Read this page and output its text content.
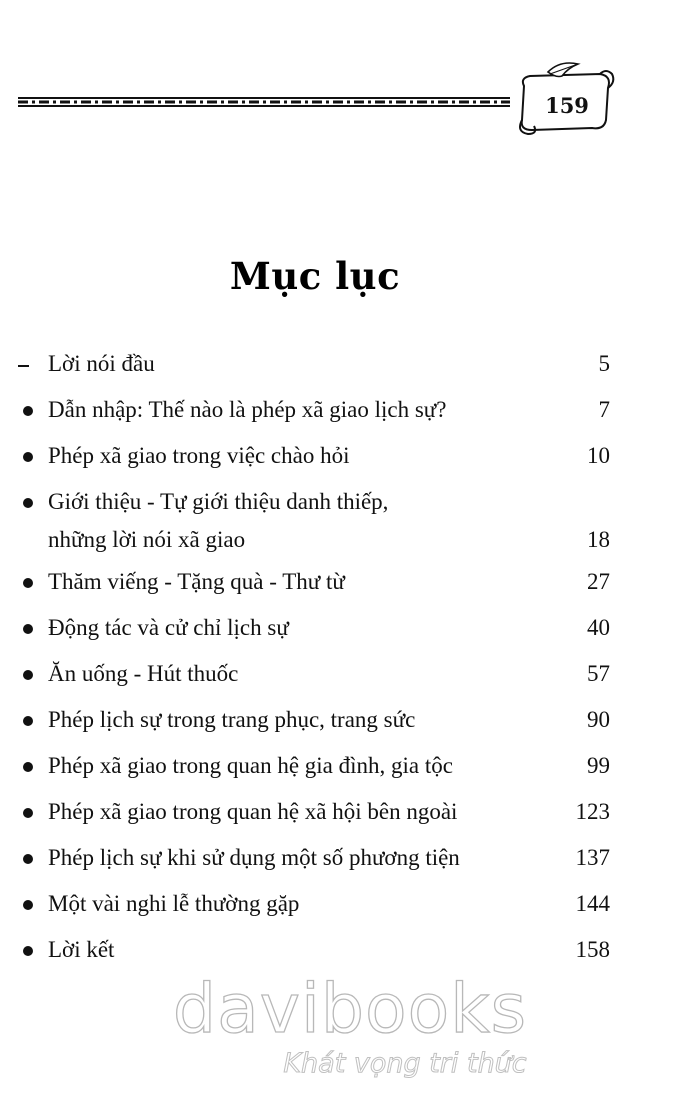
159
Mục lục
Lời nói đầu	5
Dẫn nhập: Thế nào là phép xã giao lịch sự?	7
Phép xã giao trong việc chào hỏi	10
Giới thiệu - Tự giới thiệu danh thiếp,
những lời nói xã giao	18
Thăm viếng - Tặng quà - Thư từ	27
Động tác và cử chỉ lịch sự	40
Ăn uống - Hút thuốc	57
Phép lịch sự trong trang phục, trang sức	90
Phép xã giao trong quan hệ gia đình, gia tộc	99
Phép xã giao trong quan hệ xã hội bên ngoài	123
Phép lịch sự khi sử dụng một số phương tiện	137
Một vài nghi lễ thường gặp	144
Lời kết	158
davibooks
Khát vọng tri thức
